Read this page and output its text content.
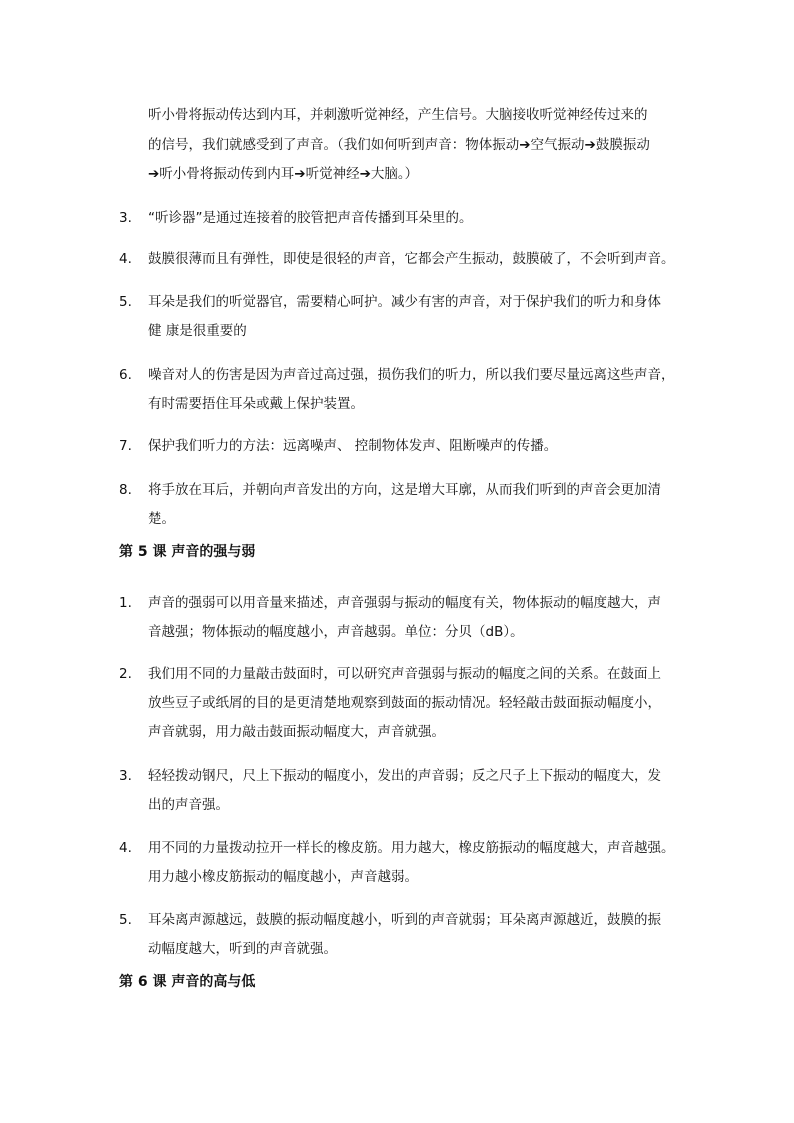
听小骨将振动传达到内耳，并刺激听觉神经，产生信号。大脑接收听觉神经传过来的
的信号，我们就感受到了声音。（我们如何听到声音：物体振动➔空气振动➔鼓膜振动
➔听小骨将振动传到内耳➔听觉神经➔大脑。）
3. “听诊器”是通过连接着的胶管把声音传播到耳朵里的。
4. 鼓膜很薄而且有弹性，即使是很轻的声音，它都会产生振动，鼓膜破了，不会听到声音。
5. 耳朵是我们的听觉器官，需要精心呵护。减少有害的声音，对于保护我们的听力和身体
健 康是很重要的
6. 噪音对人的伤害是因为声音过高过强，损伤我们的听力，所以我们要尽量远离这些声音，
有时需要捂住耳朵或戴上保护装置。
7. 保护我们听力的方法：远离噪声、 控制物体发声、阻断噪声的传播。
8. 将手放在耳后，并朝向声音发出的方向，这是增大耳廓，从而我们听到的声音会更加清
楚。
第 5 课 声音的强与弱
1. 声音的强弱可以用音量来描述，声音强弱与振动的幅度有关，物体振动的幅度越大，声
音越强；物体振动的幅度越小，声音越弱。单位：分贝（dB）。
2. 我们用不同的力量敲击鼓面时，可以研究声音强弱与振动的幅度之间的关系。在鼓面上
放些豆子或纸屑的目的是更清楚地观察到鼓面的振动情况。轻轻敲击鼓面振动幅度小，
声音就弱，用力敲击鼓面振动幅度大，声音就强。
3. 轻轻拨动钢尺，尺上下振动的幅度小，发出的声音弱；反之尺子上下振动的幅度大，发
出的声音强。
4. 用不同的力量拨动拉开一样长的橡皮筋。用力越大，橡皮筋振动的幅度越大，声音越强。
用力越小橡皮筋振动的幅度越小，声音越弱。
5. 耳朵离声源越远，鼓膜的振动幅度越小，听到的声音就弱；耳朵离声源越近，鼓膜的振
动幅度越大，听到的声音就强。
第 6 课 声音的高与低
